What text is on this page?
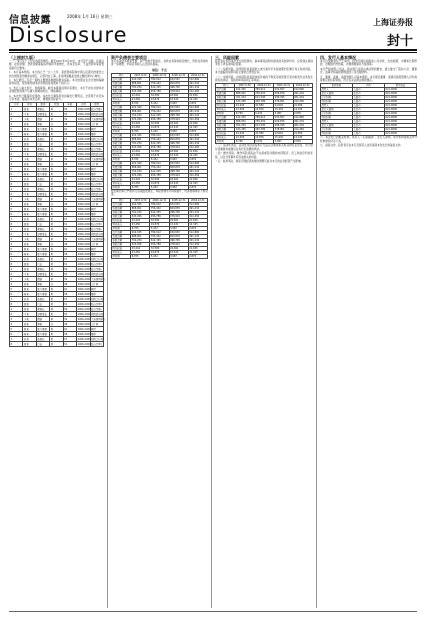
信息披露	2008年 1月 16日 星期三
Disclosure
上海证券报
封十
（上接封九版）

（二）本行及子公司业务经营情况。截至2007年9月30日，本行资产总额、负债总额、存款余额、贷款余额等指标均保持平稳增长，资本充足率、不良贷款率等监管指标符合要求。

1、本行基本情况。本行成立于一九八七年，是经国务院和中国人民银行批准设立的全国性股份制商业银行，总部设在上海，业务网络覆盖全国主要经济中心城市。

2、本行最近三年及一期的主要财务数据和财务指标。本行按照企业会计准则编制财务报表，报告期内财务状况和经营成果如下表所示。

3、发行人重大诉讼、仲裁事项。截至本募集说明书签署日，本行不存在对财务状况和经营成果产生重大影响的诉讼、仲裁事项。

4、本次发行募集资金用途。本次发行募集资金扣除发行费用后，全部用于补充本行资本金，提高资本充足率，增强抗风险能力。

序号	姓名	职务	性别	年龄	任期	简历
1	张某	董事长	男	56	2006-2009	经济学硕士
2	王某	副董事长	男	54	2006-2009	高级经济师
3	李某	董事	男	52	2006-2009	工商管理硕士
4	刘某	董事	女	49	2006-2009	会计师
5	陈某	独立董事	男	61	2006-2009	教授
6	杨某	独立董事	男	58	2006-2009	律师
7	赵某	监事长	男	57	2006-2009	高级会计师
8	周某	行长	男	51	2006-2009	经济学博士
1	张某	董事长	男	56	2006-2009	经济学硕士
2	王某	副董事长	男	54	2006-2009	高级经济师
3	李某	董事	男	52	2006-2009	工商管理硕士
4	刘某	董事	女	49	2006-2009	会计师
5	陈某	独立董事	男	61	2006-2009	教授
6	杨某	独立董事	男	58	2006-2009	律师
7	赵某	监事长	男	57	2006-2009	高级会计师
8	周某	行长	男	51	2006-2009	经济学博士
1	张某	董事长	男	56	2006-2009	经济学硕士
2	王某	副董事长	男	54	2006-2009	高级经济师
3	李某	董事	男	52	2006-2009	工商管理硕士
4	刘某	董事	女	49	2006-2009	会计师
5	陈某	独立董事	男	61	2006-2009	教授
6	杨某	独立董事	男	58	2006-2009	律师
7	赵某	监事长	男	57	2006-2009	高级会计师
8	周某	行长	男	51	2006-2009	经济学博士
1	张某	董事长	男	56	2006-2009	经济学硕士
2	王某	副董事长	男	54	2006-2009	高级经济师
3	李某	董事	男	52	2006-2009	工商管理硕士
4	刘某	董事	女	49	2006-2009	会计师
5	陈某	独立董事	男	61	2006-2009	教授
6	杨某	独立董事	男	58	2006-2009	律师
7	赵某	监事长	男	57	2006-2009	高级会计师
8	周某	行长	男	51	2006-2009	经济学博士
1	张某	董事长	男	56	2006-2009	经济学硕士
2	王某	副董事长	男	54	2006-2009	高级经济师
3	李某	董事	男	52	2006-2009	工商管理硕士
4	刘某	董事	女	49	2006-2009	会计师
5	陈某	独立董事	男	61	2006-2009	教授
6	杨某	独立董事	男	58	2006-2009	律师
7	赵某	监事长	男	57	2006-2009	高级会计师
8	周某	行长	男	51	2006-2009	经济学博士
1	张某	董事长	男	56	2006-2009	经济学硕士
2	王某	副董事长	男	54	2006-2009	高级经济师
3	李某	董事	男	52	2006-2009	工商管理硕士
4	刘某	董事	女	49	2006-2009	会计师
5	陈某	独立董事	男	61	2006-2009	教授
6	杨某	独立董事	男	58	2006-2009	律师
7	赵某	监事长	男	57	2006-2009	高级会计师
8	周某	行长	男	51	2006-2009	经济学博士
资产负债表主要项目

本行各项业务稳步发展，资产结构不断优化，存款业务保持稳定增长，贷款业务结构进一步调整，中间业务收入占比逐年提高。

单位：千元
项目	2007.9.30	2006.12.31	2005.12.31	2004.12.31
资产总额	912,345	789,012	634,567	512,890
负债总额	868,901	756,432	609,876	491,234
存款余额	701,234	612,345	498,765	401,234
贷款余额	523,456	456,789	378,901	312,456
股东权益	43,444	32,580	24,691	21,656
营业收入	23,456	19,876	15,432	12,345
净利润	8,765	5,432	3,987	2,876
资产总额	912,345	789,012	634,567	512,890
负债总额	868,901	756,432	609,876	491,234
存款余额	701,234	612,345	498,765	401,234
贷款余额	523,456	456,789	378,901	312,456
股东权益	43,444	32,580	24,691	21,656
营业收入	23,456	19,876	15,432	12,345
净利润	8,765	5,432	3,987	2,876
资产总额	912,345	789,012	634,567	512,890
负债总额	868,901	756,432	609,876	491,234
存款余额	701,234	612,345	498,765	401,234
贷款余额	523,456	456,789	378,901	312,456
股东权益	43,444	32,580	24,691	21,656
营业收入	23,456	19,876	15,432	12,345
净利润	8,765	5,432	3,987	2,876
资产总额	912,345	789,012	634,567	512,890
负债总额	868,901	756,432	609,876	491,234
存款余额	701,234	612,345	498,765	401,234
贷款余额	523,456	456,789	378,901	312,456
股东权益	43,444	32,580	24,691	21,656
营业收入	23,456	19,876	15,432	12,345
净利润	8,765	5,432	3,987	2,876

报告期内本行严格执行各项监管规定，风险管理水平持续提升，内部控制体系不断完善。

项目	2007.9.30	2006.12.31	2005.12.31	2004.12.31
资产总额	912,345	789,012	634,567	512,890
负债总额	868,901	756,432	609,876	491,234
存款余额	701,234	612,345	498,765	401,234
贷款余额	523,456	456,789	378,901	312,456
股东权益	43,444	32,580	24,691	21,656
营业收入	23,456	19,876	15,432	12,345
净利润	8,765	5,432	3,987	2,876
资产总额	912,345	789,012	634,567	512,890
负债总额	868,901	756,432	609,876	491,234
存款余额	701,234	612,345	498,765	401,234
贷款余额	523,456	456,789	378,901	312,456
股东权益	43,444	32,580	24,691	21,656
营业收入	23,456	19,876	15,432	12,345
净利润	8,765	5,432	3,987	2,876
三、风险因素

投资者在评价本次发行的股票时，除本募集说明书提供的其他资料外，应特别认真地考虑下述各项风险因素。

（一）信用风险。信用风险是指借款人或交易对手未能按照约定履行其义务的风险，本行面临的信用风险主要来自贷款业务。

（二）市场风险。市场风险是指因市场价格的不利变动而使银行表内和表外业务发生损失的风险，包括利率风险和汇率风险。

项目	2007.9.30	2006.12.31	2005.12.31	2004.12.31
资产总额	912,345	789,012	634,567	512,890
负债总额	868,901	756,432	609,876	491,234
存款余额	701,234	612,345	498,765	401,234
贷款余额	523,456	456,789	378,901	312,456
股东权益	43,444	32,580	24,691	21,656
营业收入	23,456	19,876	15,432	12,345
净利润	8,765	5,432	3,987	2,876
资产总额	912,345	789,012	634,567	512,890
负债总额	868,901	756,432	609,876	491,234
存款余额	701,234	612,345	498,765	401,234
贷款余额	523,456	456,789	378,901	312,456
股东权益	43,444	32,580	24,691	21,656
营业收入	23,456	19,876	15,432	12,345
净利润	8,765	5,432	3,987	2,876

（三）流动性风险。流动性风险是指本行无法以合理成本及时获得充足资金，用于偿付到期债务或满足业务扩张需要的风险。

（四）操作风险。操作风险是指由不完善或有问题的内部程序、员工和信息科技系统，以及外部事件所造成损失的风险。

（五）政策风险。国家宏观经济政策的调整可能对本行的业务经营产生影响。

四、发行人基本情况

本行注册地址位于上海市，经营范围包括吸收公众存款，发放短期、中期和长期贷款，办理国内外结算，办理票据承兑与贴现等。

本行严格按照公司法、商业银行法等法律法规的要求，建立健全了股东大会、董事会、监事会和高级管理层的公司治理结构。

五、董事、监事、高级管理人员基本情况。本行现任董事、监事及高级管理人员均具备相应的任职资格，符合有关法律法规的规定。

机构名称	住所	联系电话
保荐人	上海市	021-0000
发行人律师	北京市	010-0000
审计机构	上海市	021-0000
登记机构	上海市	021-0000
保荐人	上海市	021-0000
发行人律师	北京市	010-0000
审计机构	上海市	021-0000
登记机构	上海市	021-0000
保荐人	上海市	021-0000
发行人律师	北京市	010-0000
审计机构	上海市	021-0000
登记机构	上海市	021-0000

六、本次发行的相关机构。保荐人（主承销商）、发行人律师、审计机构等相关中介机构情况详见下表。

七、备查文件。投资者可在本行及保荐人住所查阅本次发行的备查文件。
